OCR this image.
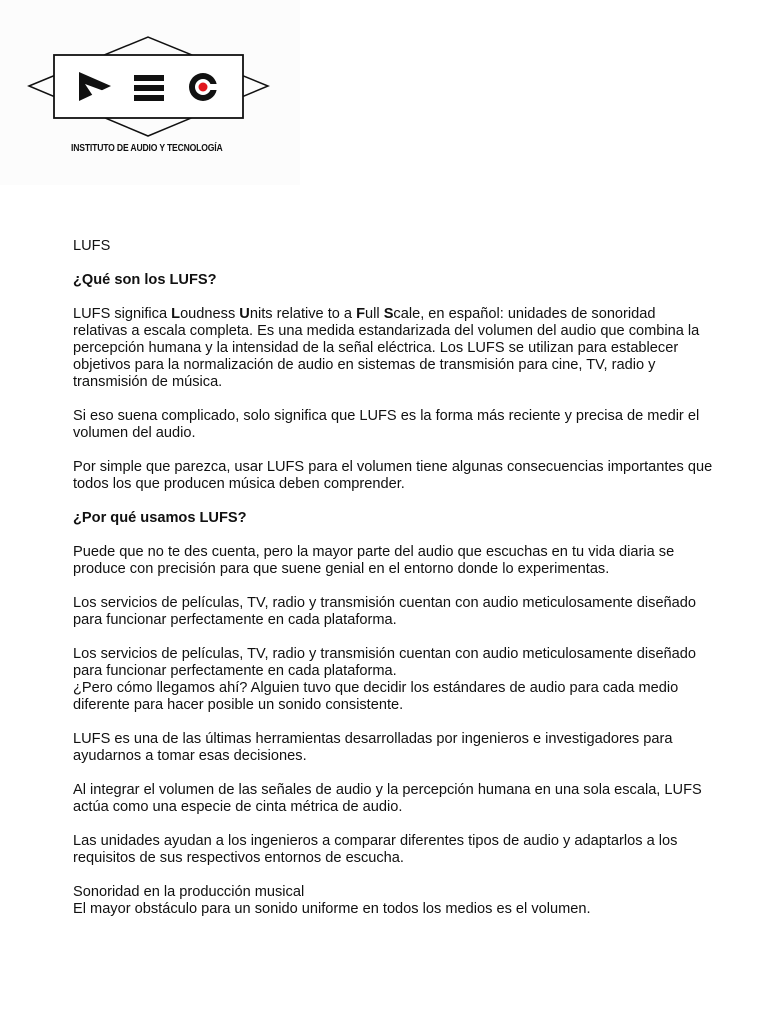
INSTITUTO DE AUDIO Y TECNOLOGÍA

LUFS

¿Qué son los LUFS?

LUFS significa Loudness Units relative to a Full Scale, en español: unidades de sonoridad relativas a escala completa. Es una medida estandarizada del volumen del audio que combina la percepción humana y la intensidad de la señal eléctrica. Los LUFS se utilizan para establecer objetivos para la normalización de audio en sistemas de transmisión para cine, TV, radio y transmisión de música.

Si eso suena complicado, solo significa que LUFS es la forma más reciente y precisa de medir el volumen del audio.

Por simple que parezca, usar LUFS para el volumen tiene algunas consecuencias importantes que todos los que producen música deben comprender.

¿Por qué usamos LUFS?

Puede que no te des cuenta, pero la mayor parte del audio que escuchas en tu vida diaria se produce con precisión para que suene genial en el entorno donde lo experimentas.

Los servicios de películas, TV, radio y transmisión cuentan con audio meticulosamente diseñado para funcionar perfectamente en cada plataforma.

Los servicios de películas, TV, radio y transmisión cuentan con audio meticulosamente diseñado para funcionar perfectamente en cada plataforma.
¿Pero cómo llegamos ahí? Alguien tuvo que decidir los estándares de audio para cada medio diferente para hacer posible un sonido consistente.

LUFS es una de las últimas herramientas desarrolladas por ingenieros e investigadores para ayudarnos a tomar esas decisiones.

Al integrar el volumen de las señales de audio y la percepción humana en una sola escala, LUFS actúa como una especie de cinta métrica de audio.

Las unidades ayudan a los ingenieros a comparar diferentes tipos de audio y adaptarlos a los requisitos de sus respectivos entornos de escucha.

Sonoridad en la producción musical
El mayor obstáculo para un sonido uniforme en todos los medios es el volumen.
